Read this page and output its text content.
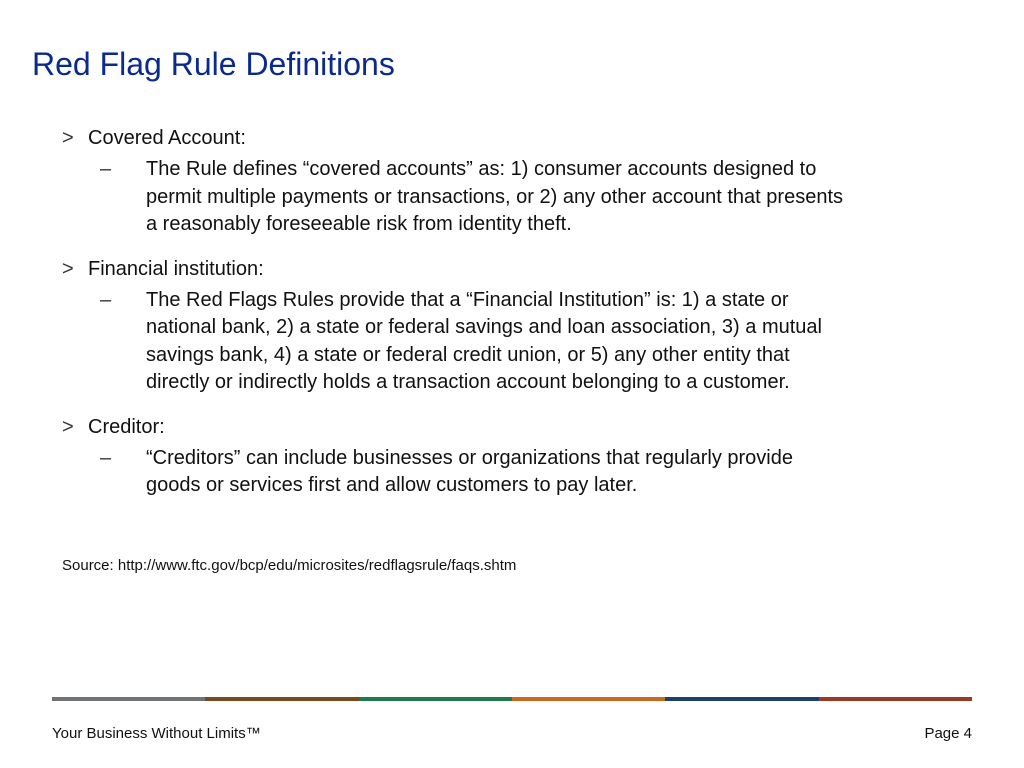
Red Flag Rule Definitions
> Covered Account:
– The Rule defines “covered accounts” as: 1) consumer accounts designed to permit multiple payments or transactions, or 2) any other account that presents a reasonably foreseeable risk from identity theft.
> Financial institution:
– The Red Flags Rules provide that a “Financial Institution” is: 1) a state or national bank, 2) a state or federal savings and loan association, 3) a mutual savings bank, 4) a state or federal credit union, or 5) any other entity that directly or indirectly holds a transaction account belonging to a customer.
> Creditor:
– “Creditors” can include businesses or organizations that regularly provide goods or services first and allow customers to pay later.
Source: http://www.ftc.gov/bcp/edu/microsites/redflagsrule/faqs.shtm
Your Business Without Limits™	Page 4
